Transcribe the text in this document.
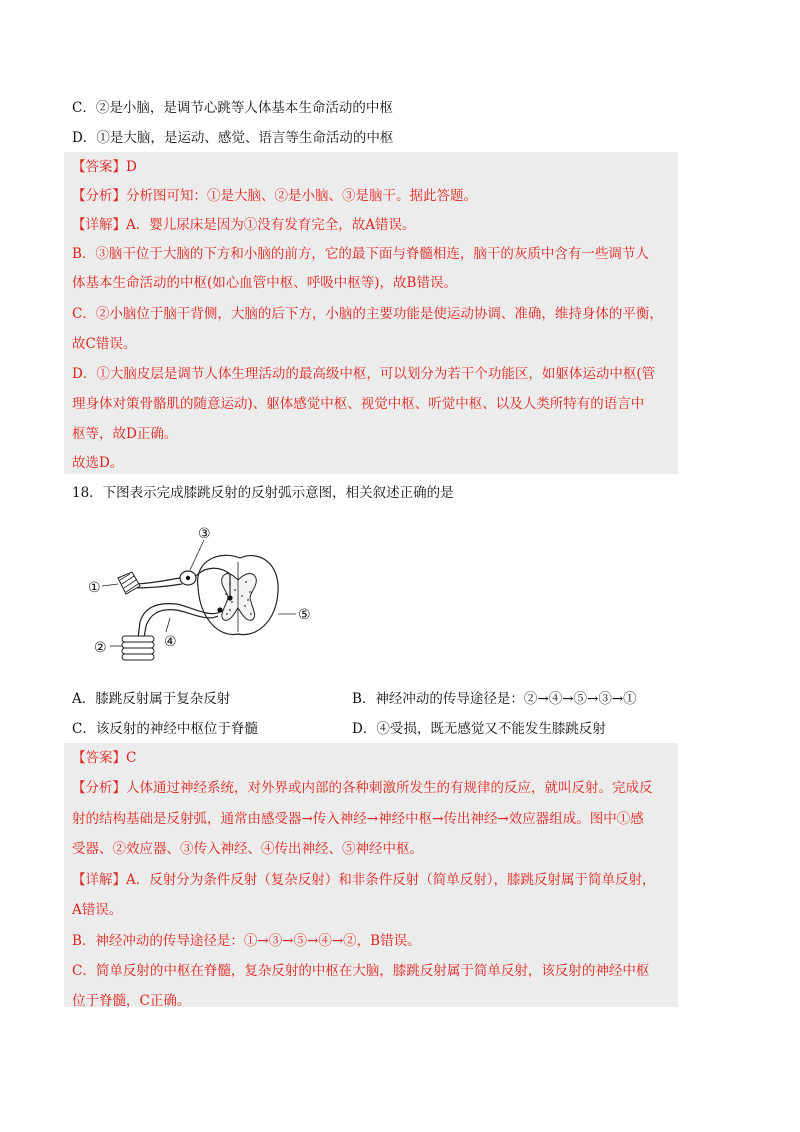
C．②是小脑，是调节心跳等人体基本生命活动的中枢
D．①是大脑，是运动、感觉、语言等生命活动的中枢
【答案】D
【分析】分析图可知：①是大脑、②是小脑、③是脑干。据此答题。
【详解】A．婴儿尿床是因为①没有发育完全，故A错误。
B．③脑干位于大脑的下方和小脑的前方，它的最下面与脊髓相连，脑干的灰质中含有一些调节人
体基本生命活动的中枢(如心血管中枢、呼吸中枢等)，故B错误。
C．②小脑位于脑干背侧，大脑的后下方，小脑的主要功能是使运动协调、准确，维持身体的平衡，
故C错误。
D．①大脑皮层是调节人体生理活动的最高级中枢，可以划分为若干个功能区，如躯体运动中枢(管
理身体对策骨骼肌的随意运动)、躯体感觉中枢、视觉中枢、听觉中枢、以及人类所特有的语言中
枢等，故D正确。
故选D。
18．下图表示完成膝跳反射的反射弧示意图，相关叙述正确的是
①
③
⑤
④
②
A．膝跳反射属于复杂反射	B．神经冲动的传导途径是：②→④→⑤→③→①
C．该反射的神经中枢位于脊髓	D．④受损，既无感觉又不能发生膝跳反射
【答案】C
【分析】人体通过神经系统，对外界或内部的各种刺激所发生的有规律的反应，就叫反射。完成反
射的结构基础是反射弧，通常由感受器→传入神经→神经中枢→传出神经→效应器组成。图中①感
受器、②效应器、③传入神经、④传出神经、⑤神经中枢。
【详解】A．反射分为条件反射（复杂反射）和非条件反射（简单反射），膝跳反射属于简单反射，
A错误。
B．神经冲动的传导途径是：①→③→⑤→④→②，B错误。
C．简单反射的中枢在脊髓，复杂反射的中枢在大脑，膝跳反射属于简单反射，该反射的神经中枢
位于脊髓，C正确。
